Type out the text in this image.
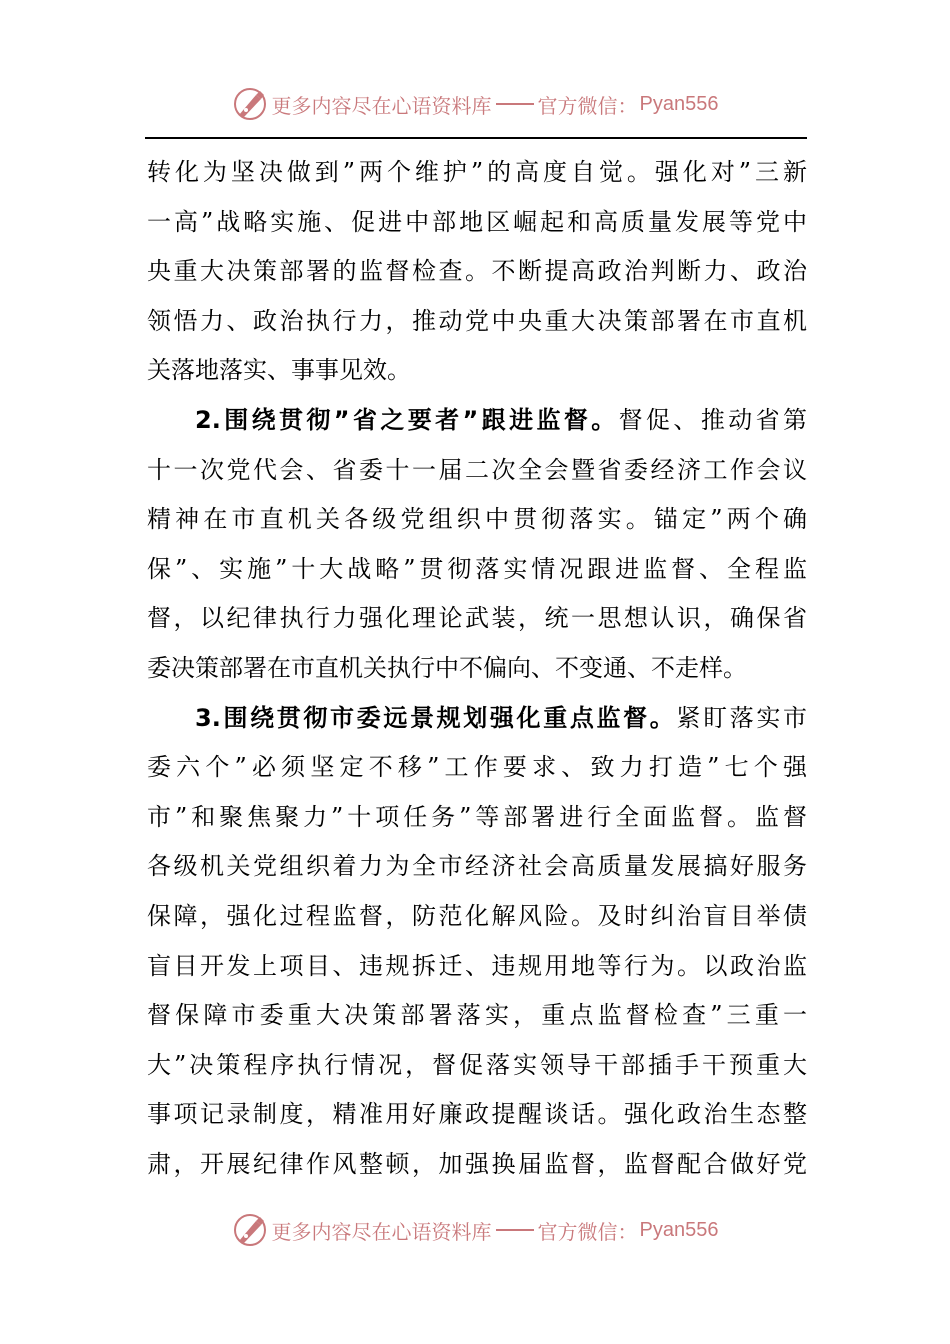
更多内容尽在心语资料库 官方微信： Pyan556
转化为坚决做到”两个维护”的高度自觉。强化对”三新
一高”战略实施、促进中部地区崛起和高质量发展等党中
央重大决策部署的监督检查。不断提高政治判断力、政治
领悟力、政治执行力，推动党中央重大决策部署在市直机
关落地落实、事事见效。
2.围绕贯彻”省之要者”跟进监督。督促、推动省第
十一次党代会、省委十一届二次全会暨省委经济工作会议
精神在市直机关各级党组织中贯彻落实。锚定”两个确
保”、实施”十大战略”贯彻落实情况跟进监督、全程监
督，以纪律执行力强化理论武装，统一思想认识，确保省
委决策部署在市直机关执行中不偏向、不变通、不走样。
3.围绕贯彻市委远景规划强化重点监督。紧盯落实市
委六个”必须坚定不移”工作要求、致力打造”七个强
市”和聚焦聚力”十项任务”等部署进行全面监督。监督
各级机关党组织着力为全市经济社会高质量发展搞好服务
保障，强化过程监督，防范化解风险。及时纠治盲目举债
盲目开发上项目、违规拆迁、违规用地等行为。以政治监
督保障市委重大决策部署落实，重点监督检查”三重一
大”决策程序执行情况，督促落实领导干部插手干预重大
事项记录制度，精准用好廉政提醒谈话。强化政治生态整
肃，开展纪律作风整顿，加强换届监督，监督配合做好党
更多内容尽在心语资料库 官方微信： Pyan556
